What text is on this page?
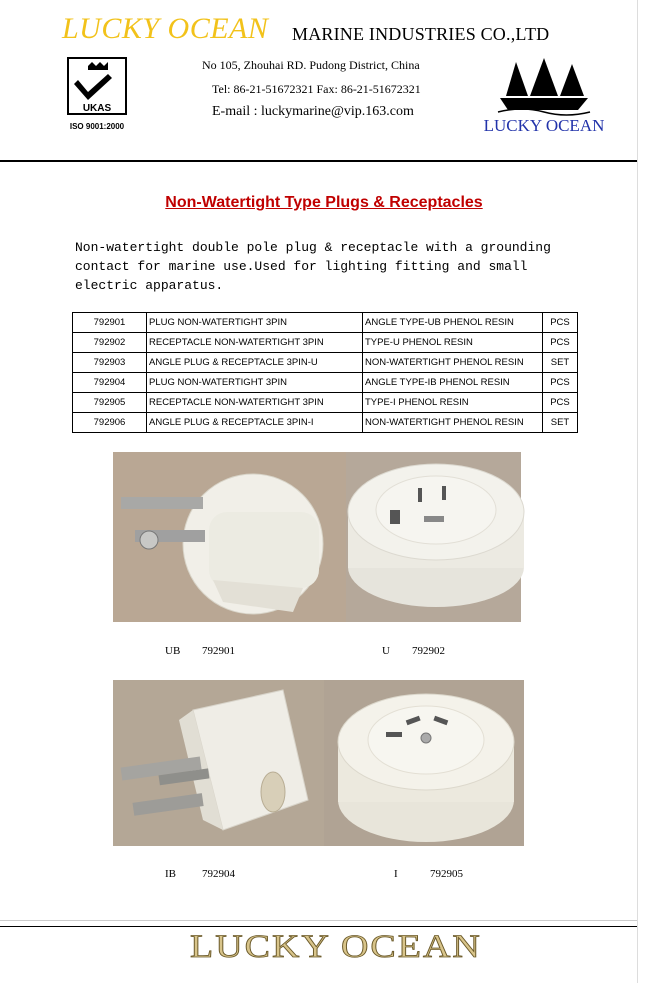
LUCKY OCEAN MARINE INDUSTRIES CO.,LTD
No 105, Zhouhai RD. Pudong District, China
Tel: 86-21-51672321 Fax: 86-21-51672321
E-mail : luckymarine@vip.163.com
UKAS
ISO 9001:2000	LUCKY OCEAN
Non-Watertight Type Plugs & Receptacles
Non-watertight double pole plug & receptacle with a grounding contact for marine use.Used for lighting fitting and small electric apparatus.
792901	PLUG NON-WATERTIGHT 3PIN	ANGLE TYPE-UB PHENOL RESIN	PCS
792902	RECEPTACLE NON-WATERTIGHT 3PIN	TYPE-U PHENOL RESIN	PCS
792903	ANGLE PLUG & RECEPTACLE 3PIN-U	NON-WATERTIGHT PHENOL RESIN	SET
792904	PLUG NON-WATERTIGHT 3PIN	ANGLE TYPE-IB PHENOL RESIN	PCS
792905	RECEPTACLE NON-WATERTIGHT 3PIN	TYPE-I PHENOL RESIN	PCS
792906	ANGLE PLUG & RECEPTACLE 3PIN-I	NON-WATERTIGHT PHENOL RESIN	SET
UB 792901	U 792902
IB 792904	I	792905
LUCKY OCEAN
